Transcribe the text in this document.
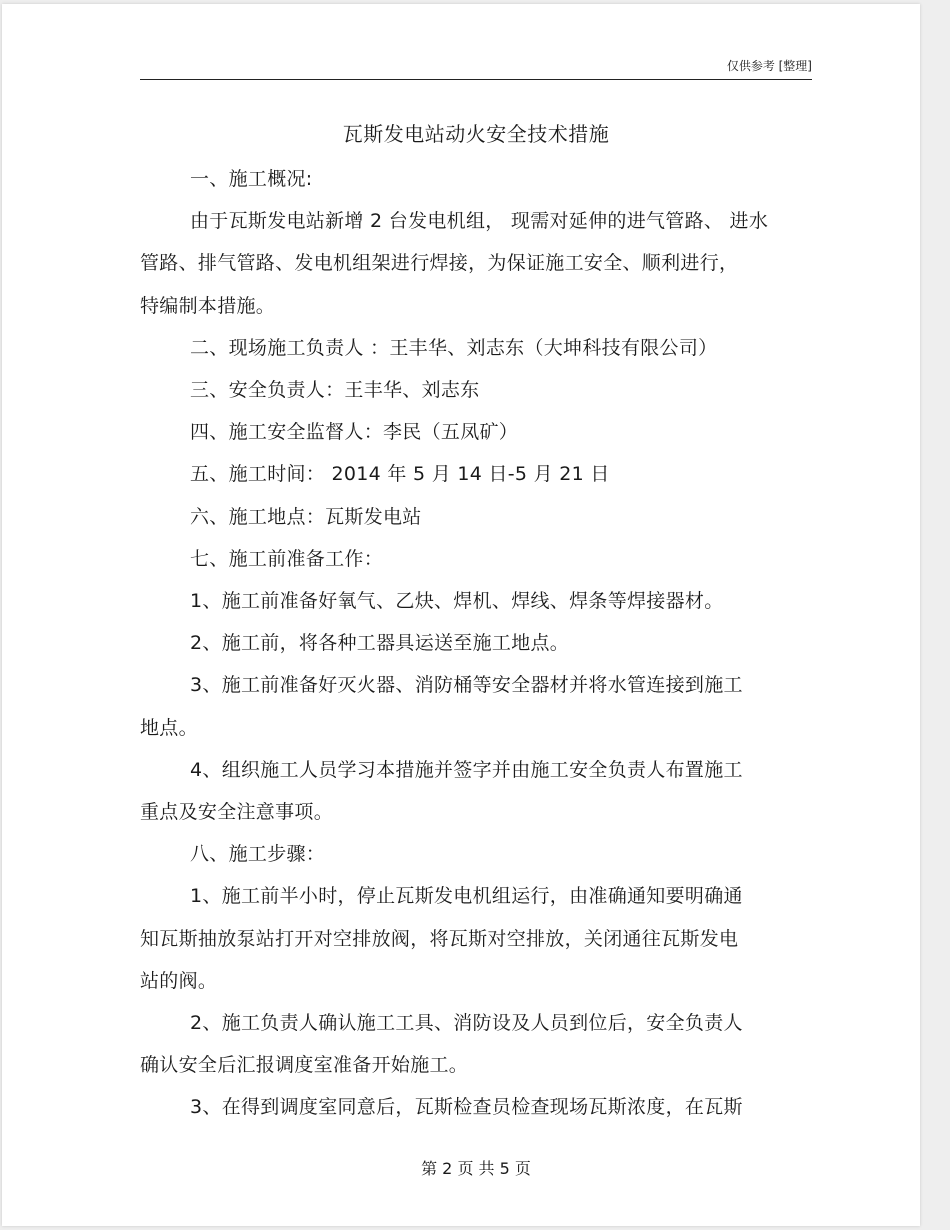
仅供参考 [整理]
瓦斯发电站动火安全技术措施

一、施工概况:

由于瓦斯发电站新增 2 台发电机组， 现需对延伸的进气管路、 进水

管路、排气管路、发电机组架进行焊接，为保证施工安全、顺利进行，

特编制本措施。

二、现场施工负责人 ：王丰华、刘志东（大坤科技有限公司）

三、安全负责人：王丰华、刘志东

四、施工安全监督人：李民（五凤矿）

五、施工时间： 2014 年 5 月 14 日-5 月 21 日

六、施工地点：瓦斯发电站

七、施工前准备工作：

1、施工前准备好氧气、乙炔、焊机、焊线、焊条等焊接器材。

2、施工前，将各种工器具运送至施工地点。

3、施工前准备好灭火器、消防桶等安全器材并将水管连接到施工

地点。

4、组织施工人员学习本措施并签字并由施工安全负责人布置施工

重点及安全注意事项。

八、施工步骤：

1、施工前半小时，停止瓦斯发电机组运行，由准确通知要明确通

知瓦斯抽放泵站打开对空排放阀，将瓦斯对空排放，关闭通往瓦斯发电

站的阀。

2、施工负责人确认施工工具、消防设及人员到位后，安全负责人

确认安全后汇报调度室准备开始施工。

3、在得到调度室同意后，瓦斯检查员检查现场瓦斯浓度，在瓦斯

第 2 页 共 5 页
